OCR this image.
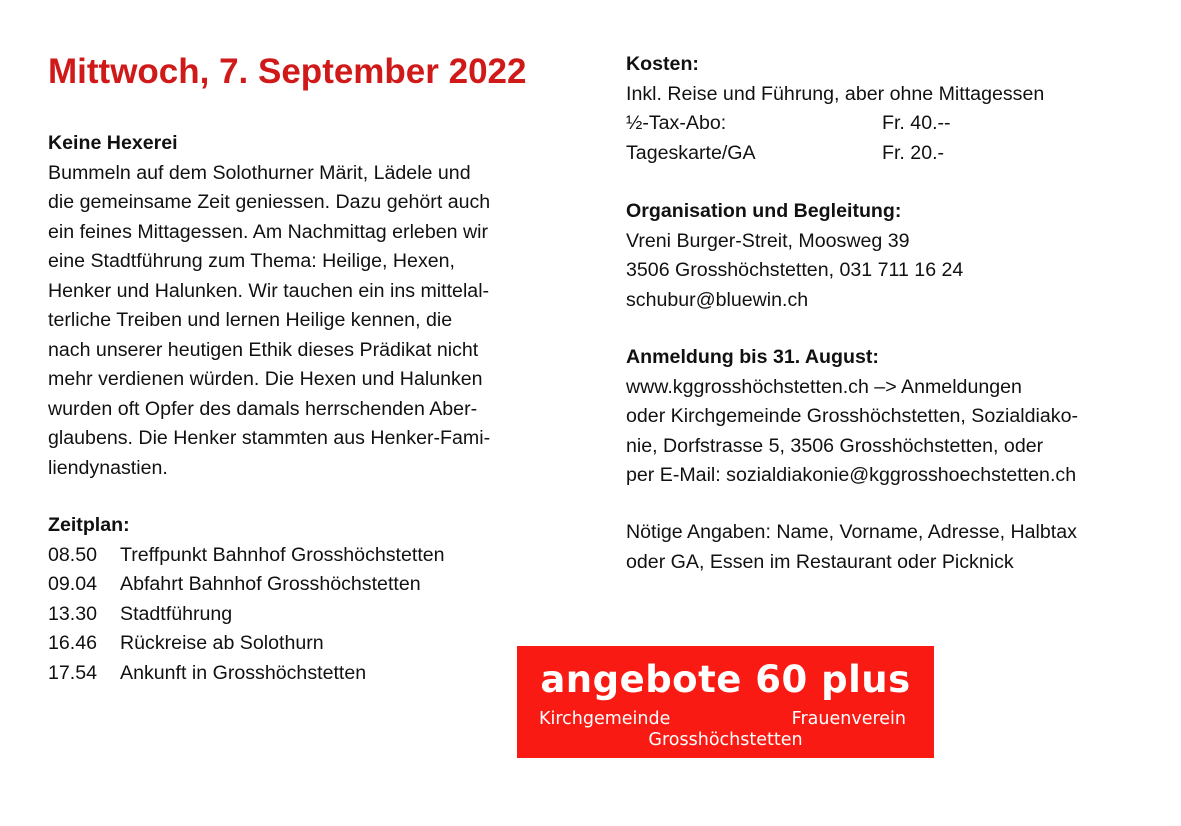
Mittwoch, 7. September 2022
Keine Hexerei
Bummeln auf dem Solothurner Märit, Lädele und
die gemeinsame Zeit geniessen. Dazu gehört auch
ein feines Mittagessen. Am Nachmittag erleben wir
eine Stadtführung zum Thema: Heilige, Hexen,
Henker und Halunken. Wir tauchen ein ins mittelal-
terliche Treiben und lernen Heilige kennen, die
nach unserer heutigen Ethik dieses Prädikat nicht
mehr verdienen würden. Die Hexen und Halunken
wurden oft Opfer des damals herrschenden Aber-
glaubens. Die Henker stammten aus Henker-Fami-
liendynastien.
Zeitplan:
08.50	Treffpunkt Bahnhof Grosshöchstetten
09.04	Abfahrt Bahnhof Grosshöchstetten
13.30	Stadtführung
16.46	Rückreise ab Solothurn
17.54	Ankunft in Grosshöchstetten
Kosten:
Inkl. Reise und Führung, aber ohne Mittagessen
½-Tax-Abo:	Fr. 40.--
Tageskarte/GA	Fr. 20.-
Organisation und Begleitung:
Vreni Burger-Streit, Moosweg 39
3506 Grosshöchstetten, 031 711 16 24
schubur@bluewin.ch
Anmeldung bis 31. August:
www.kggrosshöchstetten.ch –> Anmeldungen
oder Kirchgemeinde Grosshöchstetten, Sozialdiako-
nie, Dorfstrasse 5, 3506 Grosshöchstetten, oder
per E-Mail: sozialdiakonie@kggrosshoechstetten.ch
Nötige Angaben: Name, Vorname, Adresse, Halbtax
oder GA, Essen im Restaurant oder Picknick
angebote 60 plus
Kirchgemeinde	Frauenverein
Grosshöchstetten
